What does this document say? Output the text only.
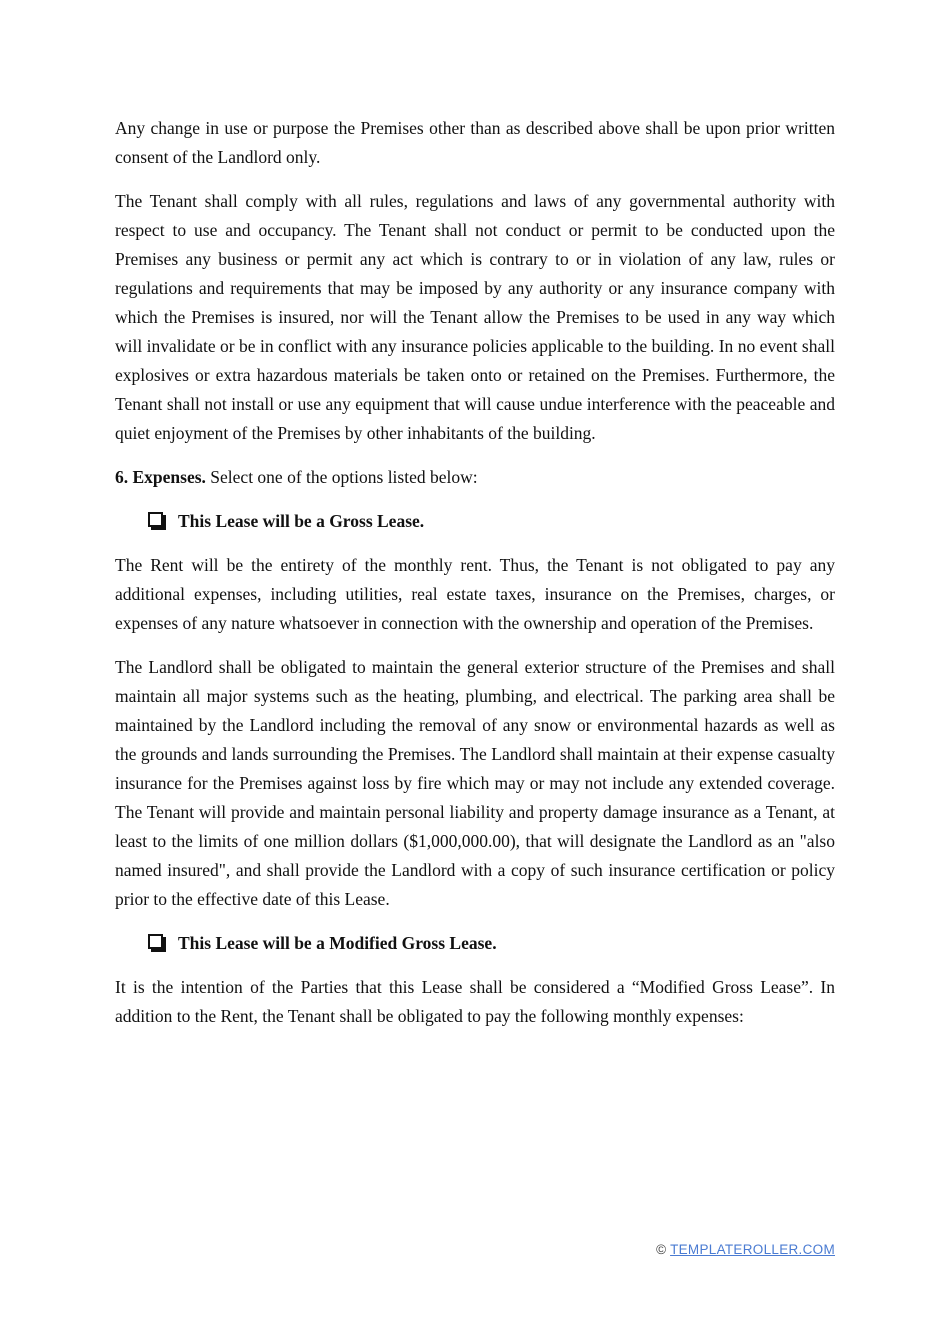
Any change in use or purpose the Premises other than as described above shall be upon prior written consent of the Landlord only.

The Tenant shall comply with all rules, regulations and laws of any governmental authority with respect to use and occupancy. The Tenant shall not conduct or permit to be conducted upon the Premises any business or permit any act which is contrary to or in violation of any law, rules or regulations and requirements that may be imposed by any authority or any insurance company with which the Premises is insured, nor will the Tenant allow the Premises to be used in any way which will invalidate or be in conflict with any insurance policies applicable to the building. In no event shall explosives or extra hazardous materials be taken onto or retained on the Premises. Furthermore, the Tenant shall not install or use any equipment that will cause undue interference with the peaceable and quiet enjoyment of the Premises by other inhabitants of the building.

6. Expenses. Select one of the options listed below:

This Lease will be a Gross Lease.

The Rent will be the entirety of the monthly rent. Thus, the Tenant is not obligated to pay any additional expenses, including utilities, real estate taxes, insurance on the Premises, charges, or expenses of any nature whatsoever in connection with the ownership and operation of the Premises.

The Landlord shall be obligated to maintain the general exterior structure of the Premises and shall maintain all major systems such as the heating, plumbing, and electrical. The parking area shall be maintained by the Landlord including the removal of any snow or environmental hazards as well as the grounds and lands surrounding the Premises. The Landlord shall maintain at their expense casualty insurance for the Premises against loss by fire which may or may not include any extended coverage. The Tenant will provide and maintain personal liability and property damage insurance as a Tenant, at least to the limits of one million dollars ($1,000,000.00), that will designate the Landlord as an "also named insured", and shall provide the Landlord with a copy of such insurance certification or policy prior to the effective date of this Lease.

This Lease will be a Modified Gross Lease.

It is the intention of the Parties that this Lease shall be considered a “Modified Gross Lease”. In addition to the Rent, the Tenant shall be obligated to pay the following monthly expenses:

© TEMPLATEROLLER.COM
